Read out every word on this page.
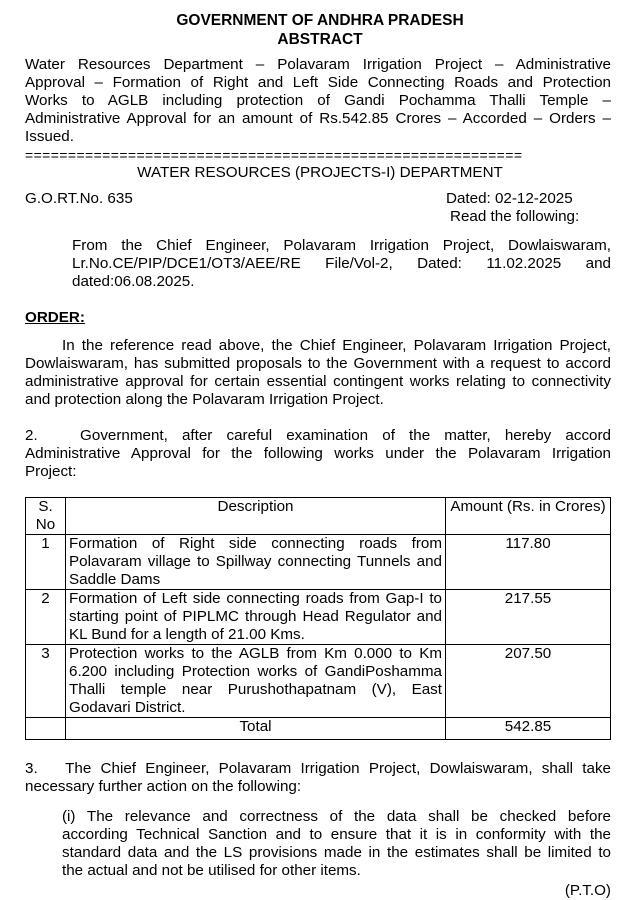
GOVERNMENT OF ANDHRA PRADESH
ABSTRACT
Water Resources Department – Polavaram Irrigation Project – Administrative
Approval – Formation of Right and Left Side Connecting Roads and Protection
Works to AGLB including protection of Gandi Pochamma Thalli Temple –
Administrative Approval for an amount of Rs.542.85 Crores – Accorded – Orders –
Issued.
==========================================================
WATER RESOURCES (PROJECTS-I) DEPARTMENT
G.O.RT.No. 635	Dated: 02-12-2025
Read the following:
From the Chief Engineer, Polavaram Irrigation Project, Dowlaiswaram,
Lr.No.CE/PIP/DCE1/OT3/AEE/RE File/Vol-2, Dated: 11.02.2025 and
dated:06.08.2025.
ORDER:
In the reference read above, the Chief Engineer, Polavaram Irrigation Project,
Dowlaiswaram, has submitted proposals to the Government with a request to accord
administrative approval for certain essential contingent works relating to connectivity
and protection along the Polavaram Irrigation Project.
2.   Government, after careful examination of the matter, hereby accord
Administrative Approval for the following works under the Polavaram Irrigation
Project:
S. No	Description	Amount (Rs. in Crores)
1	Formation of Right side connecting roads from Polavaram village to Spillway connecting Tunnels and Saddle Dams	117.80
2	Formation of Left side connecting roads from Gap-I to starting point of PIPLMC through Head Regulator and KL Bund for a length of 21.00 Kms.	217.55
3	Protection works to the AGLB from Km 0.000 to Km 6.200 including Protection works of GandiPoshamma Thalli temple near Purushothapatnam (V), East Godavari District.	207.50
	Total	542.85
3.   The Chief Engineer, Polavaram Irrigation Project, Dowlaiswaram, shall take
necessary further action on the following:
(i) The relevance and correctness of the data shall be checked before
according Technical Sanction and to ensure that it is in conformity with the
standard data and the LS provisions made in the estimates shall be limited to
the actual and not be utilised for other items.
(P.T.O)
